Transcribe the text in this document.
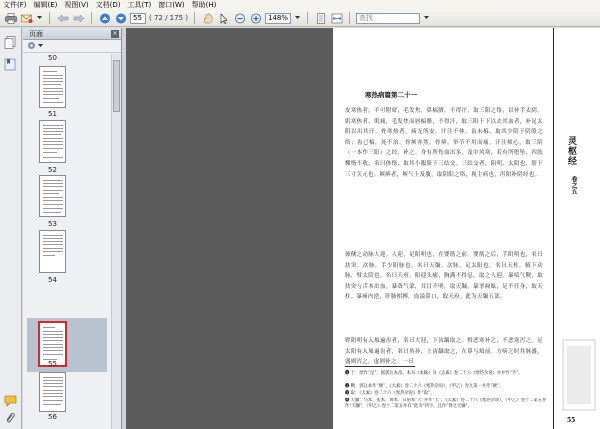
文件(F)	编辑(E)	视图(V)	文档(D)	工具(T)	窗口(W)	帮助(H)
55
( 72 / 175 )
148%
查找
页面	×
50
51
52
53
54
55
56
寒热病篇第二十一
皮寒热者，不可附席，毛发焦，鼻槁腊，不得汗，取三阳之络，以补手太阴。肌寒热者，肌痛，毛发焦而唇槁腊，不得汗，取三阳于下以去其血者，补足太阴以出其汗。骨寒热者，病无所安，汗注不休，齿未槁，取其少阴于阴股之络；齿已槁，死不治。骨厥亦然。骨痹，举节不用而痛，汗注烦心，取三阴（一本作三阳）之经，补之。身有所伤血出多，及中风寒，若有所堕坠，四肢懈惰不收，名曰体惰，取其小腹脐下三结交。三结交者，阳明、太阴也，脐下三寸关元也。厥痹者，厥气上及腹，取阴阳之络，视主病也，泻阳补阴经也。
颈侧之动脉人迎。人迎，足阳明也，在婴筋之前。婴筋之后，手阳明也，名曰扶突。次脉，手少阳脉也，名曰天牖。次脉，足太阳也，名曰天柱。腋下动脉，臂太阴也，名曰天府。阳迎头痛，胸满不得息，取之人迎。暴喑气鞕，取扶突与舌本出血。暴聋气蒙，耳目不明，取天牖。暴挛痫眩，足不任身，取天柱。暴瘅内逆，肝肺相搏，血溢鼻口，取天府。此为天牖五部。
臂阳明有入頄遍齿者，名曰大迎，下齿龋取之。臂恶寒补之，不恶寒泻之。足太阳有入頄遍齿者，名曰角孙，上齿龋取之，在鼻与頄前。方病之时其脉盛，盛则泻之，虚则补之。一曰
❶ 于：原作“足”，据郭注本改。本书《本输》及《太素》卷二十六《寒热杂说》亦并作“手”。
❷ 鞕：郭注本作“硬”。《太素》卷二十六《寒热杂说》、《甲乙》卷九第一并作“硬”。
❸ 取：《太素》卷二十六《寒热杂说》作“取”。
❹ 天牖：马本、张本、黄本、日刻本“天”并作“天”，《太素》卷二十六《寒热杂说》、《甲乙》卷十二第五并作“天牖”，《甲乙》卷十二第五亦有“此为”四字，且作“臂之天牖”。
灵枢经
卷之五
55
